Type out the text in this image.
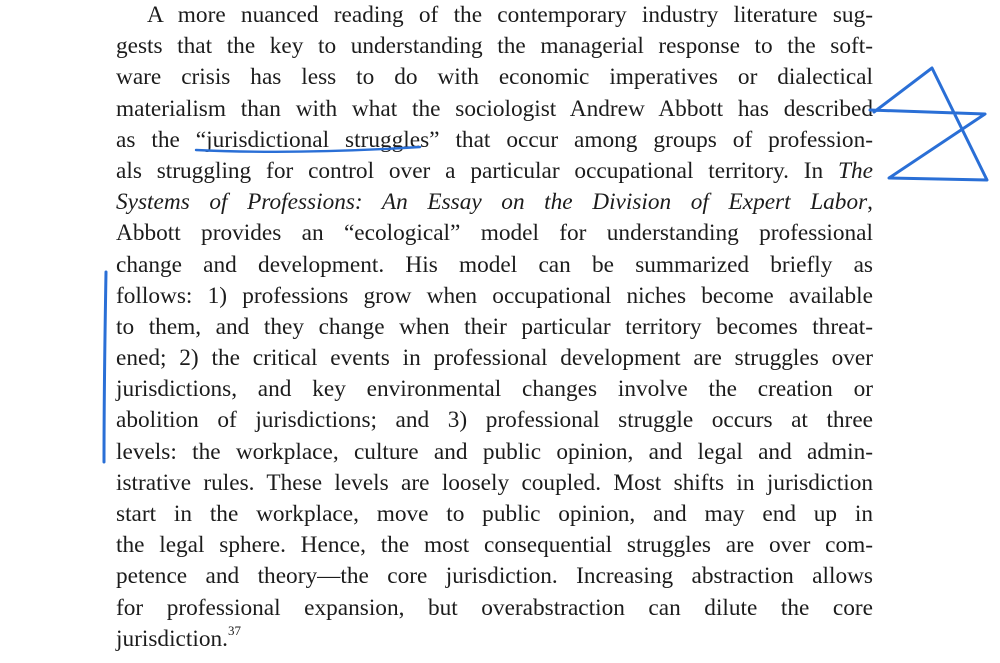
A more nuanced reading of the contemporary industry literature sug-
gests that the key to understanding the managerial response to the soft-
ware crisis has less to do with economic imperatives or dialectical
materialism than with what the sociologist Andrew Abbott has described
as the “jurisdictional struggles” that occur among groups of profession-
als struggling for control over a particular occupational territory. In The
Systems of Professions: An Essay on the Division of Expert Labor,
Abbott provides an “ecological” model for understanding professional
change and development. His model can be summarized briefly as
follows: 1) professions grow when occupational niches become available
to them, and they change when their particular territory becomes threat-
ened; 2) the critical events in professional development are struggles over
jurisdictions, and key environmental changes involve the creation or
abolition of jurisdictions; and 3) professional struggle occurs at three
levels: the workplace, culture and public opinion, and legal and admin-
istrative rules. These levels are loosely coupled. Most shifts in jurisdiction
start in the workplace, move to public opinion, and may end up in
the legal sphere. Hence, the most consequential struggles are over com-
petence and theory—the core jurisdiction. Increasing abstraction allows
for professional expansion, but overabstraction can dilute the core
jurisdiction.$^{37}$
